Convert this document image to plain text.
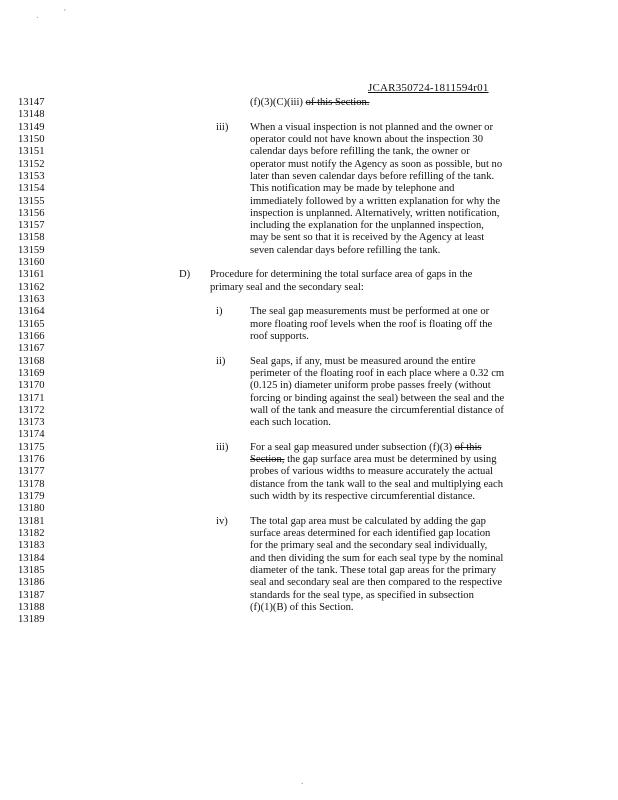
.	'
.
JCAR350724-1811594r01
13147	(f)(3)(C)(iii) of this Section.
13148
13149	iii) When a visual inspection is not planned and the owner or
13150	operator could not have known about the inspection 30
13151	calendar days before refilling the tank, the owner or
13152	operator must notify the Agency as soon as possible, but no
13153	later than seven calendar days before refilling of the tank.
13154	This notification may be made by telephone and
13155	immediately followed by a written explanation for why the
13156	inspection is unplanned. Alternatively, written notification,
13157	including the explanation for the unplanned inspection,
13158	may be sent so that it is received by the Agency at least
13159	seven calendar days before refilling the tank.
13160
13161	D) Procedure for determining the total surface area of gaps in the
13162	primary seal and the secondary seal:
13163
13164	i)	The seal gap measurements must be performed at one or
13165	more floating roof levels when the roof is floating off the
13166	roof supports.
13167
13168	ii) Seal gaps, if any, must be measured around the entire
13169	perimeter of the floating roof in each place where a 0.32 cm
13170	(0.125 in) diameter uniform probe passes freely (without
13171	forcing or binding against the seal) between the seal and the
13172	wall of the tank and measure the circumferential distance of
13173	each such location.
13174
13175	iii) For a seal gap measured under subsection (f)(3) of this
13176	Section, the gap surface area must be determined by using
13177	probes of various widths to measure accurately the actual
13178	distance from the tank wall to the seal and multiplying each
13179	such width by its respective circumferential distance.
13180
13181	iv) The total gap area must be calculated by adding the gap
13182	surface areas determined for each identified gap location
13183	for the primary seal and the secondary seal individually,
13184	and then dividing the sum for each seal type by the nominal
13185	diameter of the tank. These total gap areas for the primary
13186	seal and secondary seal are then compared to the respective
13187	standards for the seal type, as specified in subsection
13188	(f)(1)(B) of this Section.
13189
